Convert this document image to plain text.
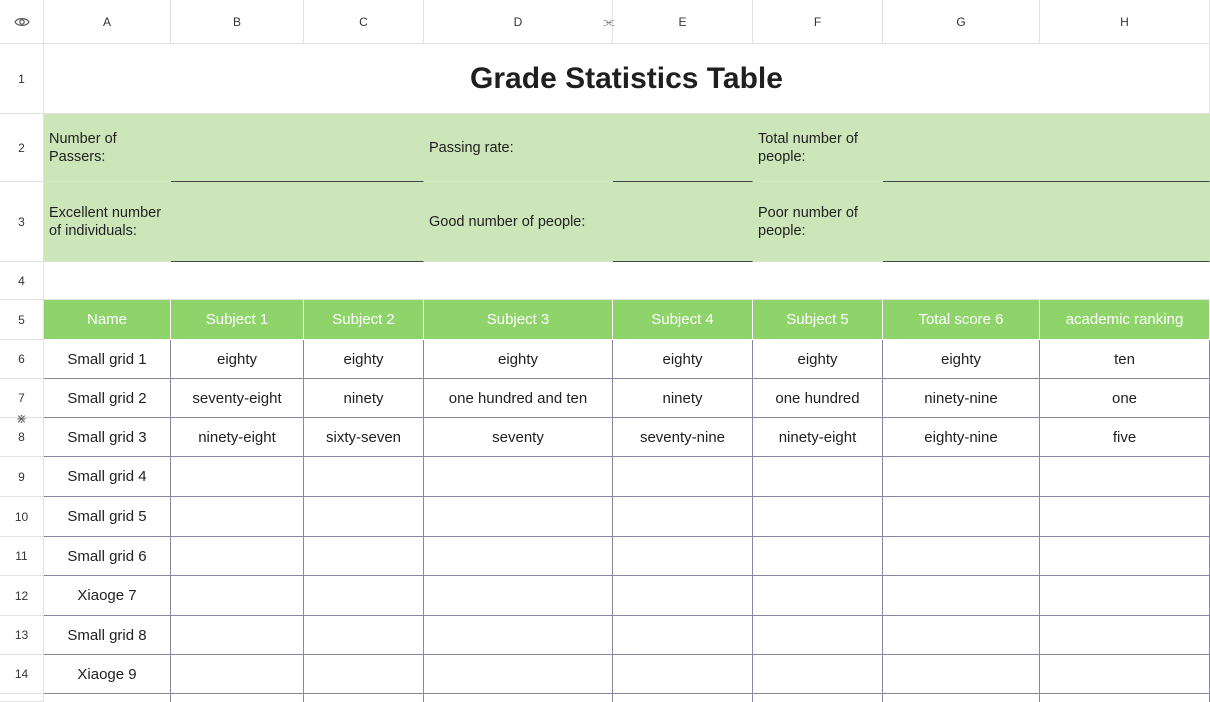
A	B	C	D	E	F	G	H
⫘
1
2
3
4
5
6
7
8
9
10
11
12
13
14
⋇
Grade Statistics Table
Number of Passers:
Passing rate:
Total number of people:
Excellent number of individuals:
Good number of people:
Poor number of people:
Name	Subject 1	Subject 2	Subject 3	Subject 4	Subject 5	Total score 6	academic ranking
Small grid 1	eighty	eighty	eighty	eighty	eighty	eighty	ten
Small grid 2	seventy-eight	ninety	one hundred and ten	ninety	one hundred	ninety-nine	one
Small grid 3	ninety-eight	sixty-seven	seventy	seventy-nine	ninety-eight	eighty-nine	five
Small grid 4
Small grid 5
Small grid 6
Xiaoge 7
Small grid 8
Xiaoge 9
